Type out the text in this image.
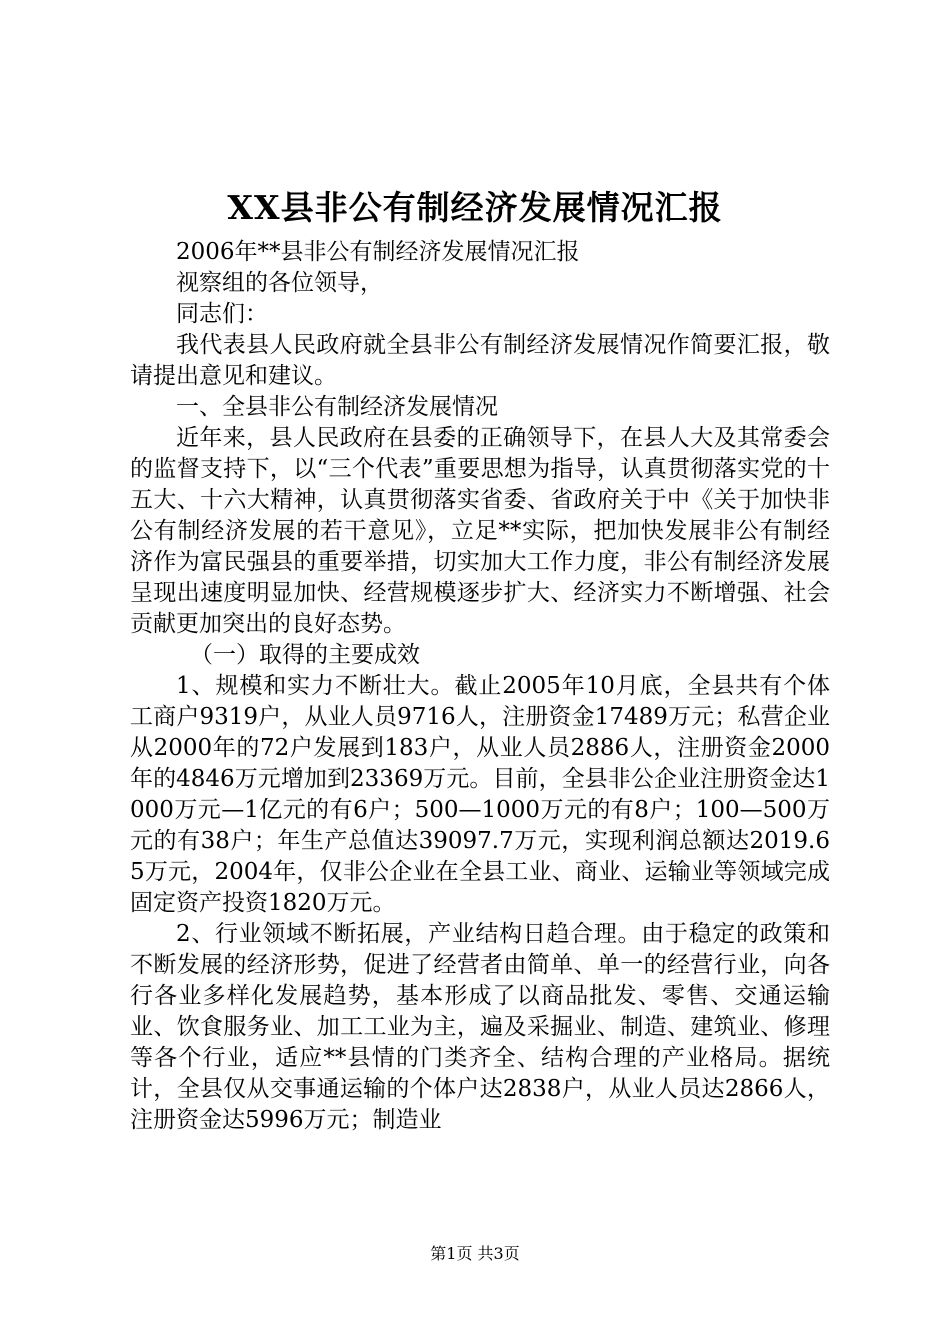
XX县非公有制经济发展情况汇报

2006年**县非公有制经济发展情况汇报

视察组的各位领导，

同志们：

我代表县人民政府就全县非公有制经济发展情况作简要汇报，敬请提出意见和建议。

一、全县非公有制经济发展情况

近年来，县人民政府在县委的正确领导下，在县人大及其常委会的监督支持下，以“三个代表”重要思想为指导，认真贯彻落实党的十五大、十六大精神，认真贯彻落实省委、省政府关于中《关于加快非公有制经济发展的若干意见》，立足**实际，把加快发展非公有制经济作为富民强县的重要举措，切实加大工作力度，非公有制经济发展呈现出速度明显加快、经营规模逐步扩大、经济实力不断增强、社会贡献更加突出的良好态势。

（一）取得的主要成效

1、规模和实力不断壮大。截止2005年10月底，全县共有个体工商户9319户，从业人员9716人，注册资金17489万元；私营企业从2000年的72户发展到183户，从业人员2886人，注册资金2000年的4846万元增加到23369万元。目前，全县非公企业注册资金达1000万元—1亿元的有6户；500—1000万元的有8户；100—500万元的有38户；年生产总值达39097.7万元，实现利润总额达2019.65万元，2004年，仅非公企业在全县工业、商业、运输业等领域完成固定资产投资1820万元。

2、行业领域不断拓展，产业结构日趋合理。由于稳定的政策和不断发展的经济形势，促进了经营者由简单、单一的经营行业，向各行各业多样化发展趋势，基本形成了以商品批发、零售、交通运输业、饮食服务业、加工工业为主，遍及采掘业、制造、建筑业、修理等各个行业，适应**县情的门类齐全、结构合理的产业格局。据统计，全县仅从交事通运输的个体户达2838户，从业人员达2866人，注册资金达5996万元；制造业

第1页 共3页
